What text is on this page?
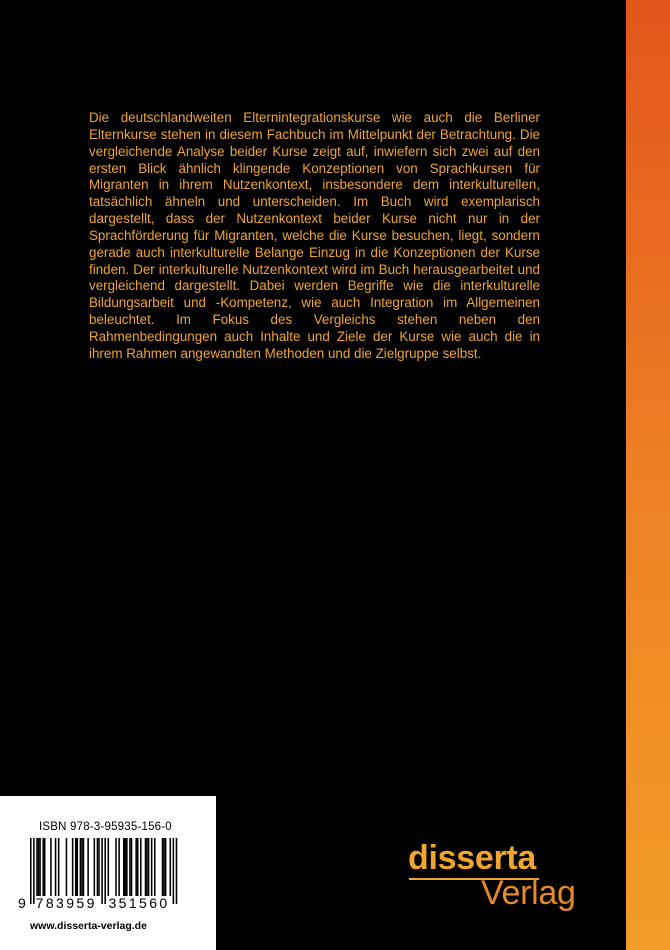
Die deutschlandweiten Elternintegrationskurse wie auch die Berliner Elternkurse stehen in diesem Fachbuch im Mittelpunkt der Betrachtung. Die vergleichende Analyse beider Kurse zeigt auf, inwiefern sich zwei auf den ersten Blick ähnlich klingende Konzeptionen von Sprachkursen für Migranten in ihrem Nutzenkontext, insbesondere dem interkulturellen, tatsächlich ähneln und unterscheiden. Im Buch wird exemplarisch dargestellt, dass der Nutzenkontext beider Kurse nicht nur in der Sprachförderung für Migranten, welche die Kurse besuchen, liegt, sondern gerade auch interkulturelle Belange Einzug in die Konzeptionen der Kurse finden. Der interkulturelle Nutzenkontext wird im Buch herausgearbeitet und vergleichend dargestellt. Dabei werden Begriffe wie die interkulturelle Bildungsarbeit und -Kompetenz, wie auch Integration im Allgemeinen beleuchtet. Im Fokus des Vergleichs stehen neben den Rahmenbedingungen auch Inhalte und Ziele der Kurse wie auch die in ihrem Rahmen angewandten Methoden und die Zielgruppe selbst.

ISBN 978-3-95935-156-0
9 783959 351560
www.disserta-verlag.de
disserta
Verlag
